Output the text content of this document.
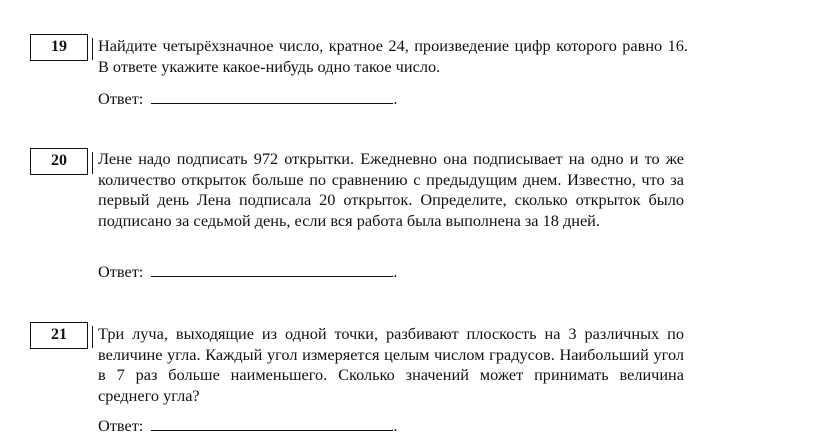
19	Найдите четырёхзначное число, кратное 24, произведение цифр которого равно 16. В ответе укажите какое-нибудь одно такое число.
Ответ:	.
20	Лене надо подписать 972 открытки. Ежедневно она подписывает на одно и то же количество открыток больше по сравнению с предыдущим днем. Известно, что за первый день Лена подписала 20 открыток. Определите, сколько открыток было подписано за седьмой день, если вся работа была выполнена за 18 дней.
Ответ:	.
21	Три луча, выходящие из одной точки, разбивают плоскость на 3 различных по величине угла. Каждый угол измеряется целым числом градусов. Наибольший угол в 7 раз больше наименьшего. Сколько значений может принимать величина среднего угла?
Ответ:	.
